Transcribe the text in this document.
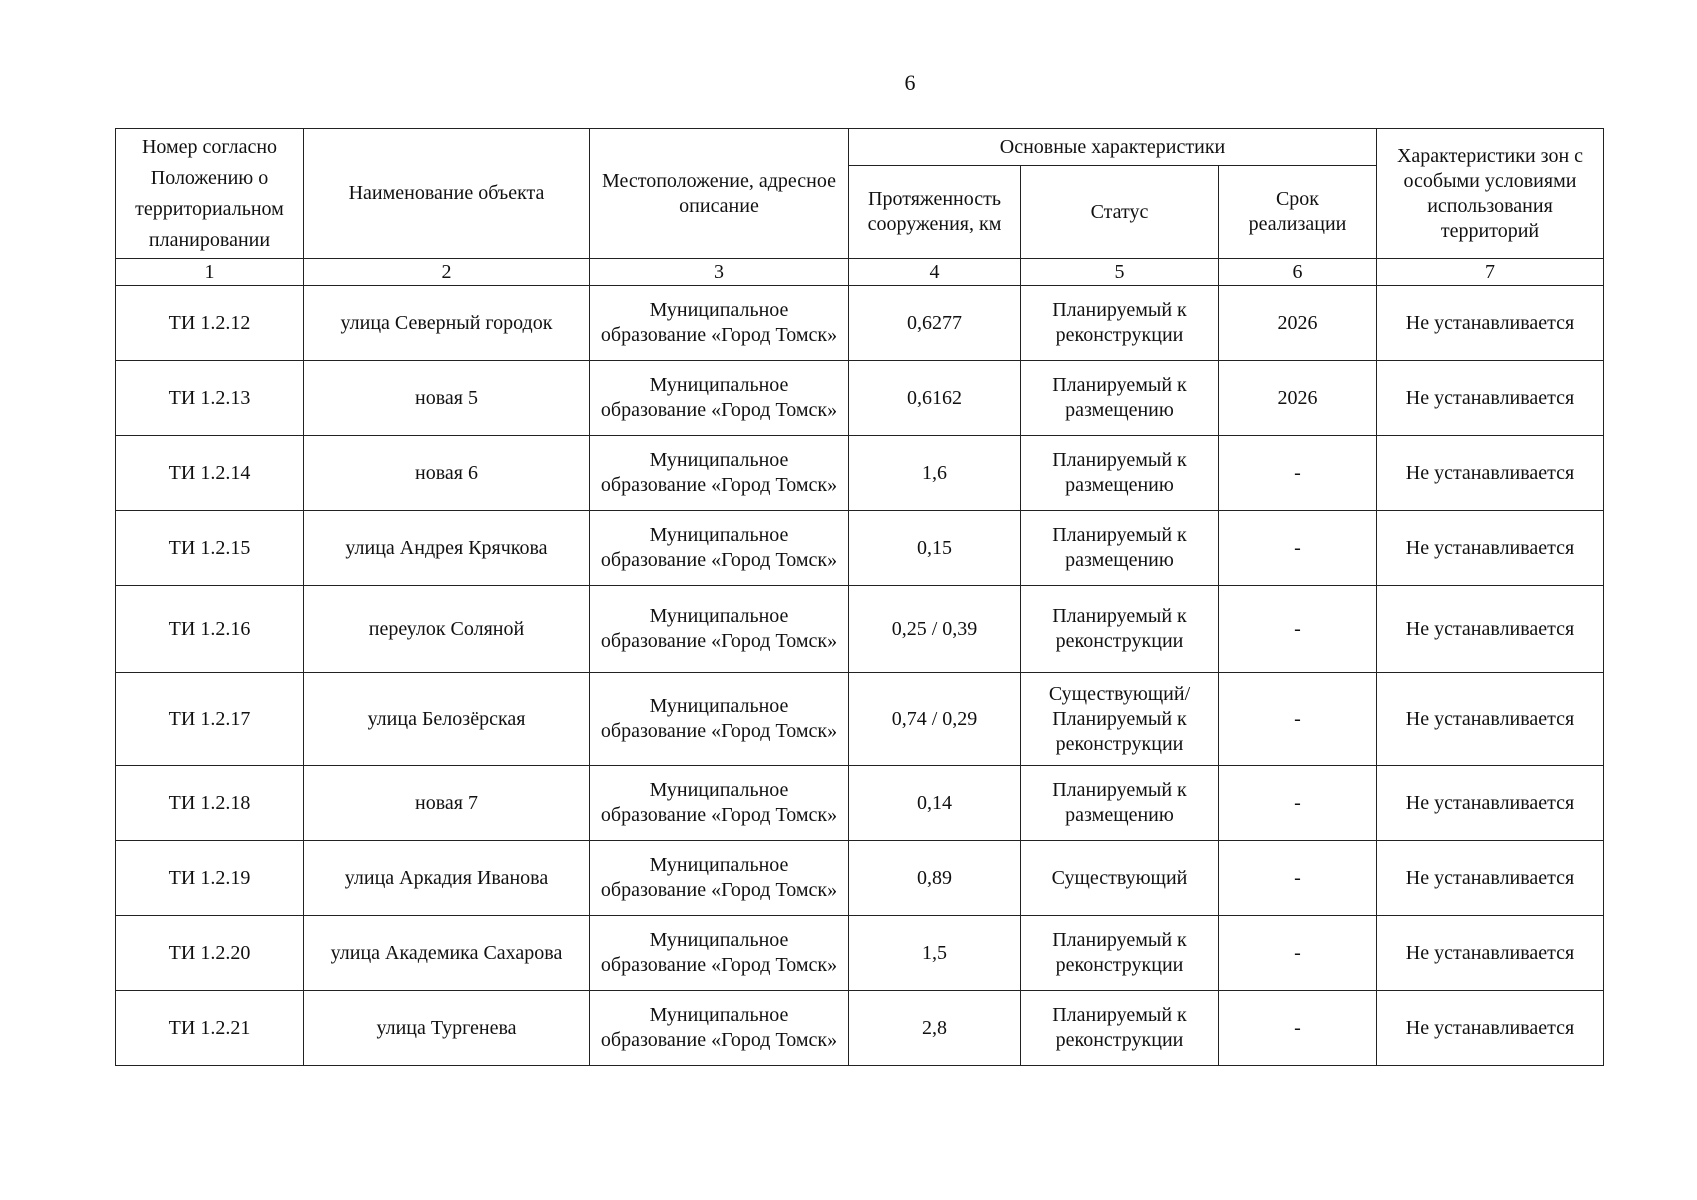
6
Номер согласно Положению о территориальном планировании	Наименование объекта	Местоположение, адресное описание	Основные характеристики			Характеристики зон с особыми условиями использования территорий
			Протяженность сооружения, км	Статус	Срок реализации	
1	2	3	4	5	6	7
ТИ 1.2.12	улица Северный городок	Муниципальное образование «Город Томск»	0,6277	Планируемый к реконструкции	2026	Не устанавливается
ТИ 1.2.13	новая 5	Муниципальное образование «Город Томск»	0,6162	Планируемый к размещению	2026	Не устанавливается
ТИ 1.2.14	новая 6	Муниципальное образование «Город Томск»	1,6	Планируемый к размещению	-	Не устанавливается
ТИ 1.2.15	улица Андрея Крячкова	Муниципальное образование «Город Томск»	0,15	Планируемый к размещению	-	Не устанавливается
ТИ 1.2.16	переулок Соляной	Муниципальное образование «Город Томск»	0,25 / 0,39	Планируемый к реконструкции	-	Не устанавливается
ТИ 1.2.17	улица Белозёрская	Муниципальное образование «Город Томск»	0,74 / 0,29	Существующий/ Планируемый к реконструкции	-	Не устанавливается
ТИ 1.2.18	новая 7	Муниципальное образование «Город Томск»	0,14	Планируемый к размещению	-	Не устанавливается
ТИ 1.2.19	улица Аркадия Иванова	Муниципальное образование «Город Томск»	0,89	Существующий	-	Не устанавливается
ТИ 1.2.20	улица Академика Сахарова	Муниципальное образование «Город Томск»	1,5	Планируемый к реконструкции	-	Не устанавливается
ТИ 1.2.21	улица Тургенева	Муниципальное образование «Город Томск»	2,8	Планируемый к реконструкции	-	Не устанавливается
